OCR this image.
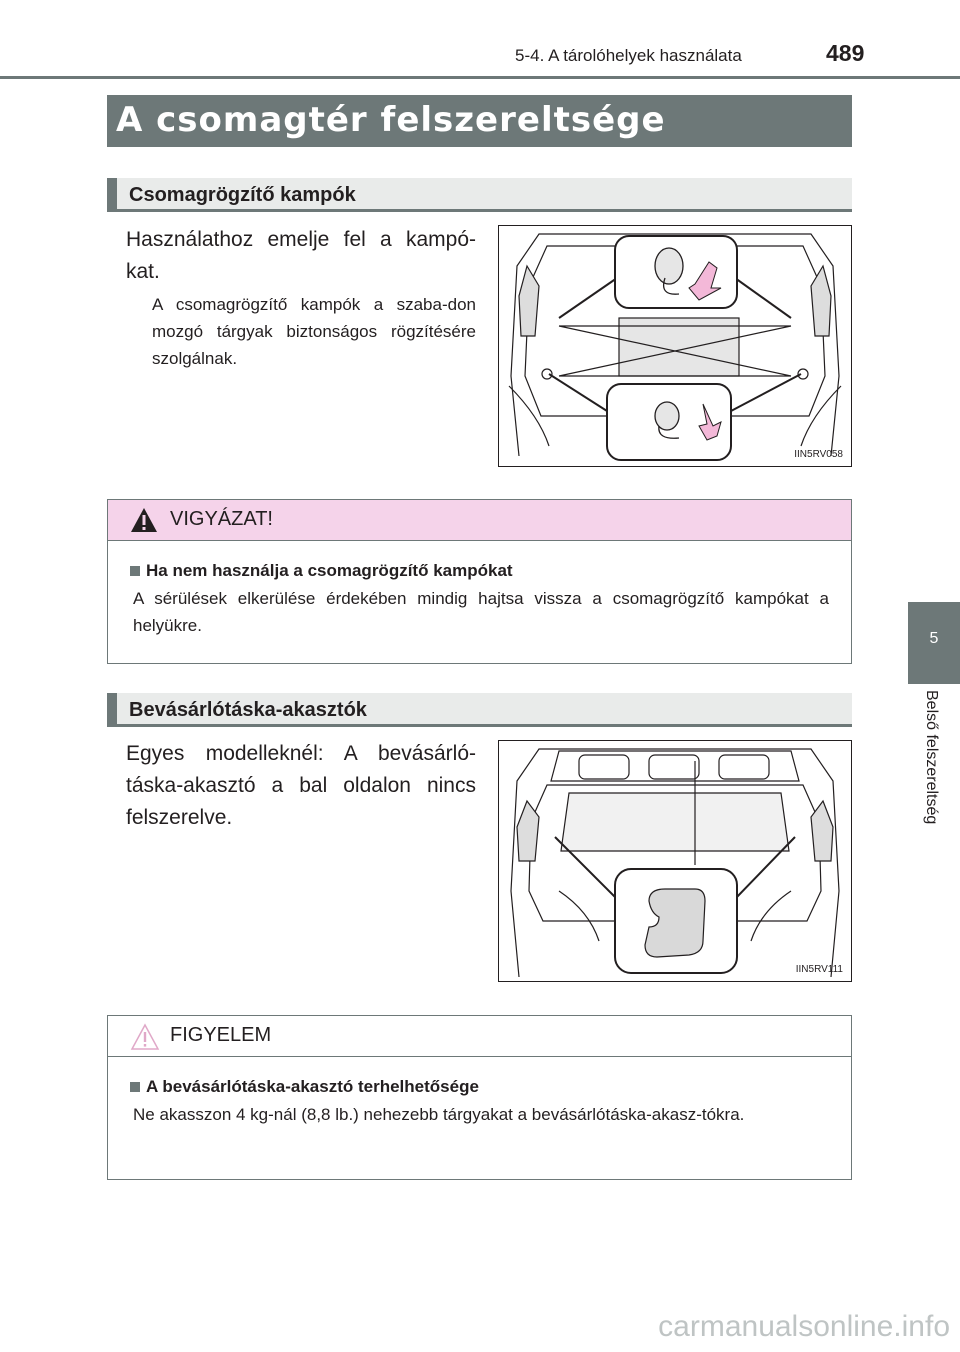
5-4. A tárolóhelyek használata	489
5
Belső felszereltség
A csomagtér felszereltsége
Csomagrögzítő kampók
Használathoz emelje fel a kampó-kat.
A csomagrögzítő kampók a szaba-don mozgó tárgyak biztonságos rögzítésére szolgálnak.
IIN5RV058
VIGYÁZAT!
Ha nem használja a csomagrögzítő kampókat
A sérülések elkerülése érdekében mindig hajtsa vissza a csomagrögzítő kampókat a helyükre.
Bevásárlótáska-akasztók
Egyes modelleknél: A bevásárló-táska-akasztó a bal oldalon nincs felszerelve.
IIN5RV111
FIGYELEM
A bevásárlótáska-akasztó terhelhetősége
Ne akasszon 4 kg-nál (8,8 lb.) nehezebb tárgyakat a bevásárlótáska-akasz-tókra.
carmanualsonline.info
